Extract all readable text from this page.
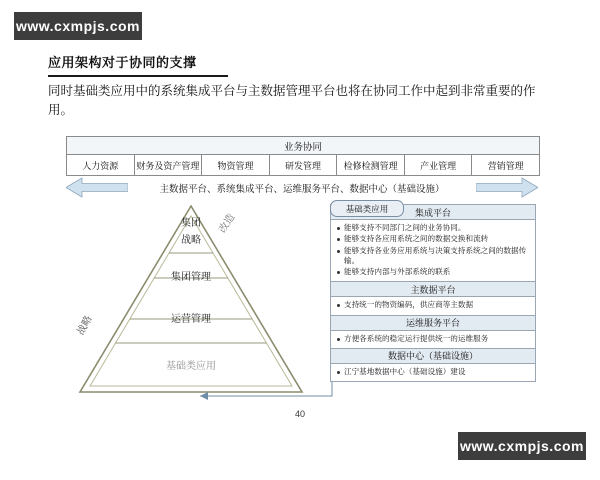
www.cxmpjs.com
www.cxmpjs.com
应用架构对于协同的支撑
同时基础类应用中的系统集成平台与主数据管理平台也将在协同工作中起到非常重要的作用。
业务协同
人力资源	财务及资产管理	物资管理	研发管理	检修检测管理	产业管理	营销管理
主数据平台、系统集成平台、运维服务平台、数据中心（基础设施）
集团
战略
集团管理
运营管理
基础类应用
改造
战略
集成平台
能够支持不同部门之间的业务协同。
能够支持各应用系统之间的数据交换和流转
能够支持各业务应用系统与决策支持系统之间的数据传输。
能够支持内部与外部系统的联系
主数据平台
支持统一的物资编码，供应商等主数据
运维服务平台
方便各系统的稳定运行提供统一的运维服务
数据中心（基础设施）
江宁基地数据中心（基础设施）建设
基础类应用
40
